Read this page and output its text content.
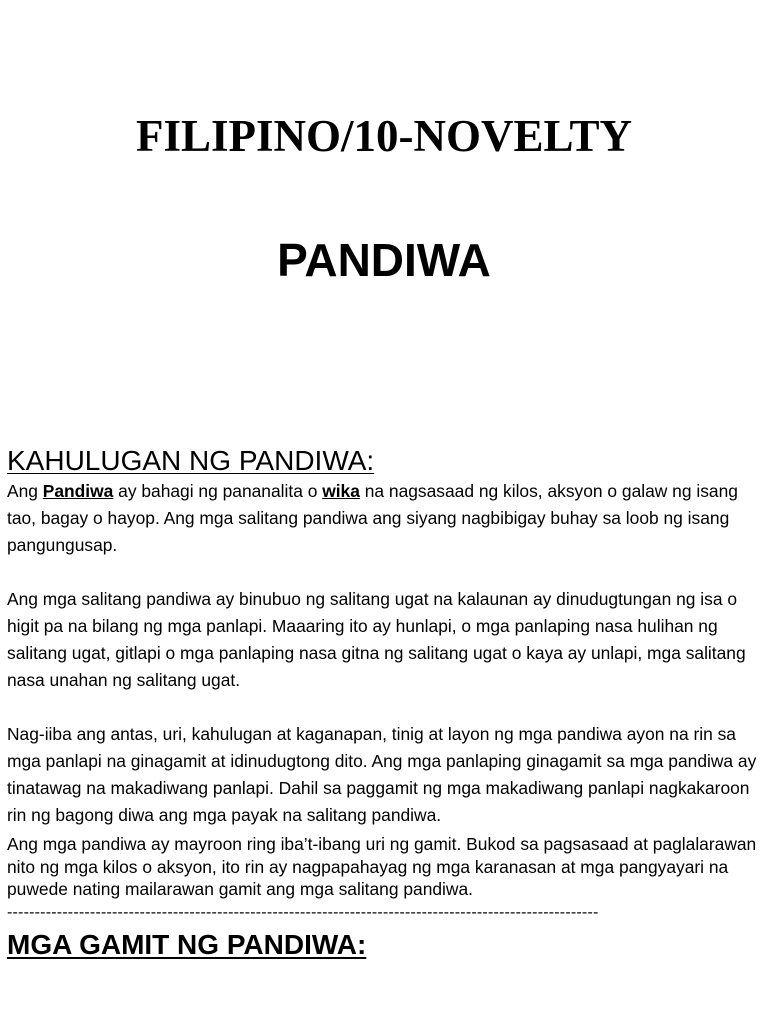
FILIPINO/10-NOVELTY
PANDIWA
KAHULUGAN NG PANDIWA:

Ang Pandiwa ay bahagi ng pananalita o wika na nagsasaad ng kilos, aksyon o galaw ng isang tao, bagay o hayop. Ang mga salitang pandiwa ang siyang nagbibigay buhay sa loob ng isang pangungusap.

Ang mga salitang pandiwa ay binubuo ng salitang ugat na kalaunan ay dinudugtungan ng isa o higit pa na bilang ng mga panlapi. Maaaring ito ay hunlapi, o mga panlaping nasa hulihan ng salitang ugat, gitlapi o mga panlaping nasa gitna ng salitang ugat o kaya ay unlapi, mga salitang nasa unahan ng salitang ugat.

Nag-iiba ang antas, uri, kahulugan at kaganapan, tinig at layon ng mga pandiwa ayon na rin sa mga panlapi na ginagamit at idinudugtong dito. Ang mga panlaping ginagamit sa mga pandiwa ay tinatawag na makadiwang panlapi. Dahil sa paggamit ng mga makadiwang panlapi nagkakaroon rin ng bagong diwa ang mga payak na salitang pandiwa.

Ang mga pandiwa ay mayroon ring iba’t-ibang uri ng gamit. Bukod sa pagsasaad at paglalarawan nito ng mga kilos o aksyon, ito rin ay nagpapahayag ng mga karanasan at mga pangyayari na puwede nating mailarawan gamit ang mga salitang pandiwa.

-----------------------------------------------------------------------------------------------------------
MGA GAMIT NG PANDIWA:
